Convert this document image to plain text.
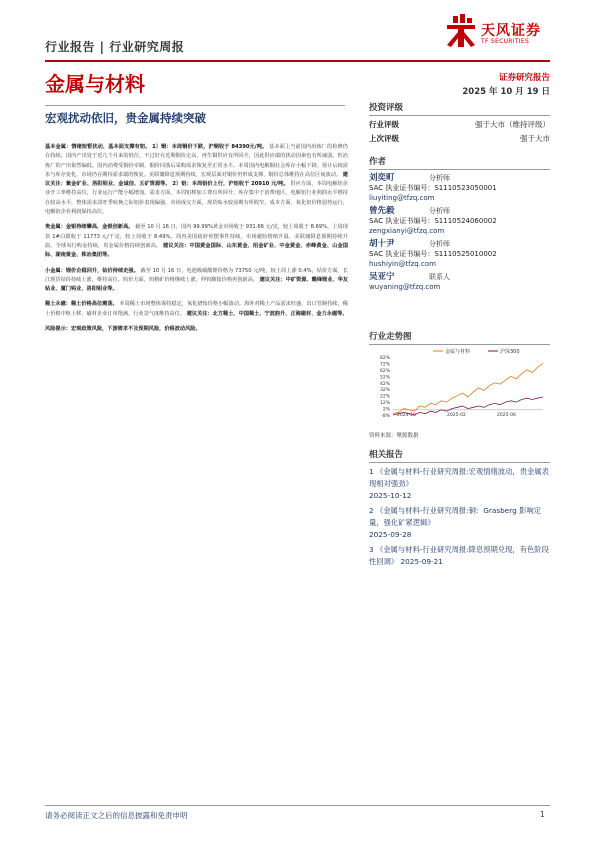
行业报告 | 行业研究周报
天风证券
TF SECURITIES
金属与材料	证券研究报告
2025 年 10 月 19 日
宏观扰动依旧，贵金属持续突破

基本金属：情绪短暂扰动，基本面支撑有韧。 1）铜：本周铜价下跌，沪铜收于 84390元/吨。 基本面上当前国内冶炼厂的检修仍在持续，国内产出处于近几个月来的低位，不过好在近期铜价走高，再生铜供应有所回升，因此供应端的扰动因素也有所减弱。但冶炼厂的产出依然偏低，国内消费受铜价牵制，铜价回落后采购需求恢复至正常水平。本周国内电解铜社会库存小幅下降。预计后续需求与库存变化，市场仍在期待需求端的恢复。美联储降息预期持续，宏观层面对铜价仍形成支撑，铜价总体维持在高位区间波动。 建议关注：紫金矿业、洛阳钼业、金诚信、五矿资源等。 2）铝：本周铝价上行，沪铝收于 20910 元/吨。 供应方面，本周电解铝企业开工率维持高位，行业运行产能小幅增加。需求方面，本周铝棒加工费有所回升，库存集中于消费地区。电解铝行业利润水平维持在较高水平，整体需求淡旺季转换之际铝价表现偏强。市场成交方面，现货贴水较前期有所收窄，成本方面，氧化铝价格弱势运行，电解铝企业利润保持高位。

贵金属：金银持续攀高，金银创新高。 截至 10 月 16 日，国内 99.99%黄金市场收于 931.66 元/克，较上周收于 8.69%，上周现货 1#白银收于 11773 元/千克，较上周收于 8.49%。周内美国政府停摆事件持续，市场避险情绪升温，美联储降息预期持续升温，全球央行购金持续，贵金属价格持续创新高。 建议关注：中国黄金国际、山东黄金、招金矿业、中金黄金、赤峰黄金、山金国际、湖南黄金、株冶集团等。

小金属：锂价企稳回升，钴价持续走强。 截至 10 月 16 日，电池级碳酸锂价格为 73750 元/吨，较上周上涨 0.4%，钴价方面，长江现货钴价持续上涨，维持高位。钨价方面，钨精矿价格继续上涨，仲钨酸铵价格再创新高。 建议关注：中矿资源、赣锋锂业、华友钴业、厦门钨业、洛阳钼业等。

稀土永磁：稀土价格高位震荡。 本周稀土市场整体保持稳定，氧化镨钕价格小幅波动。海外对稀土产品需求旺盛，出口管制持续，稀土价格中枢上移，磁材企业订单饱满，行业景气度维持高位。 建议关注：北方稀土、中国稀土、宁波韵升、正海磁材、金力永磁等。

风险提示：宏观政策风险，下游需求不及预期风险，价格波动风险。

投资评级
行业评级	强于大市（维持评级）
上次评级	强于大市
作者
刘奕町	分析师
SAC 执业证书编号：S1110523050001
liuyiting@tfzq.com
曾先毅	分析师
SAC 执业证书编号：S1110524060002
zengxianyi@tfzq.com
胡十尹	分析师
SAC 执业证书编号：S1110525010002
hushiyin@tfzq.com
吴亚宁	联系人
wuyaning@tfzq.com
行业走势图
82%
72%
62%
52%
42%
32%
22%
12%
2%
-8% 2024-10	2025-02	2025-06
金属与材料	沪深300
资料来源：聚源数据
相关报告
1 《金属与材料-行业研究周报:宏观情绪波动，贵金属表现相对强劲》
2025-10-12
2 《金属与材料-行业研究周报:铜：Grasberg 影响定量，强化矿紧逻辑》
2025-09-28
3 《金属与材料-行业研究周报:降息预期兑现，有色阶段性回调》 2025-09-21
请务必阅读正文之后的信息披露和免责申明	1
